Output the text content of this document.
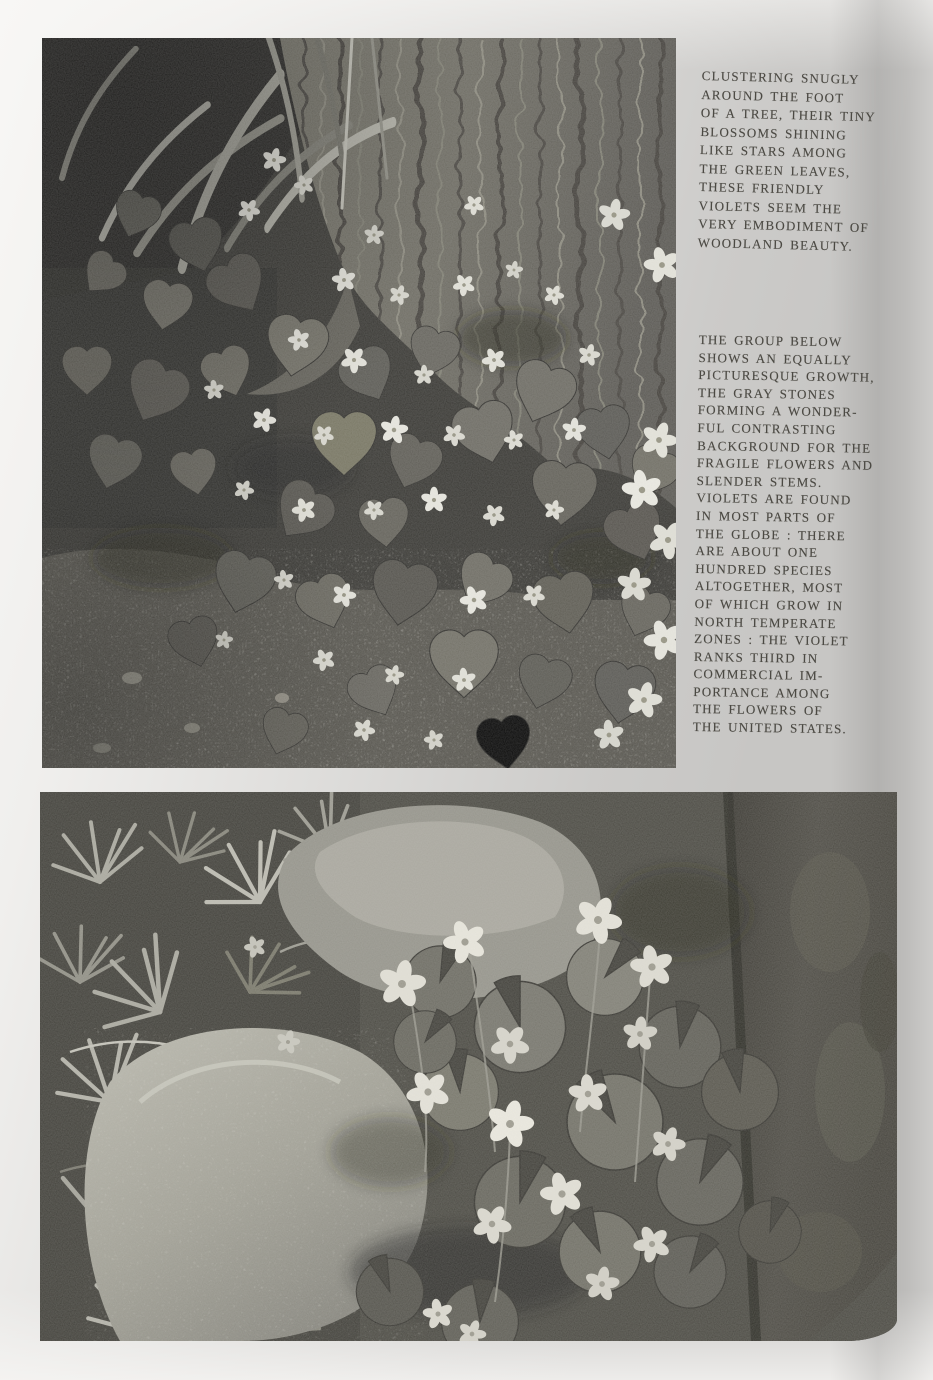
CLUSTERING SNUGLY
AROUND THE FOOT
OF A TREE, THEIR TINY
BLOSSOMS SHINING
LIKE STARS AMONG
THE GREEN LEAVES,
THESE FRIENDLY
VIOLETS SEEM THE
VERY EMBODIMENT OF
WOODLAND BEAUTY.
THE GROUP BELOW
SHOWS AN EQUALLY
PICTURESQUE GROWTH,
THE GRAY STONES
FORMING A WONDER-
FUL CONTRASTING
BACKGROUND FOR THE
FRAGILE FLOWERS AND
SLENDER STEMS.
VIOLETS ARE FOUND
IN MOST PARTS OF
THE GLOBE : THERE
ARE ABOUT ONE
HUNDRED SPECIES
ALTOGETHER, MOST
OF WHICH GROW IN
NORTH TEMPERATE
ZONES : THE VIOLET
RANKS THIRD IN
COMMERCIAL IM-
PORTANCE AMONG
THE FLOWERS OF
THE UNITED STATES.
